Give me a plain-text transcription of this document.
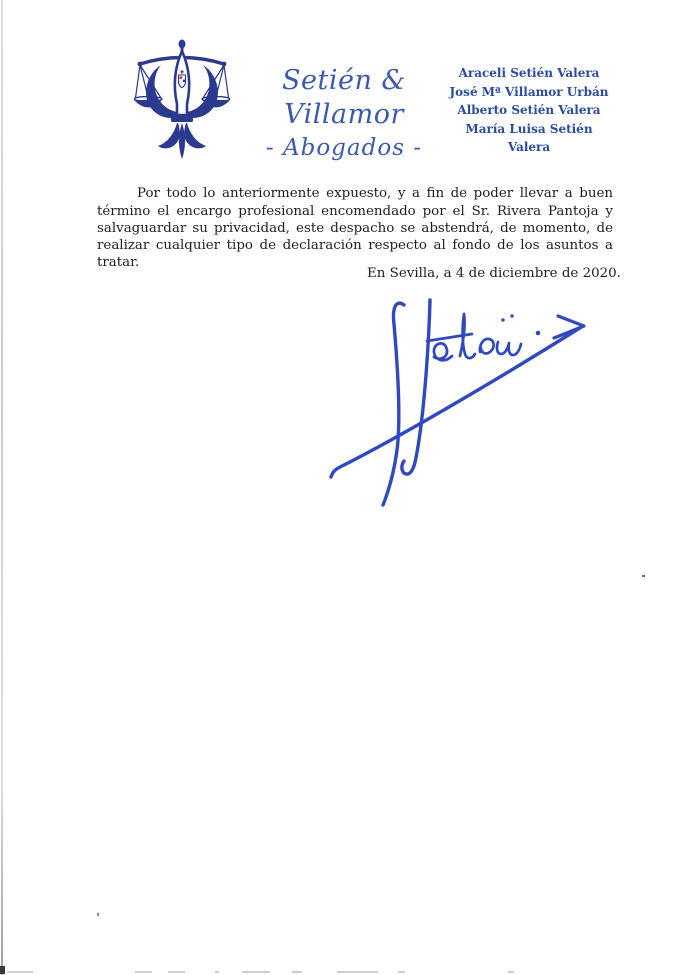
Setién & Villamor
- Abogados -
Araceli Setién Valera
José Mª Villamor Urbán
Alberto Setién Valera
María Luisa Setién Valera

Por todo lo anteriormente expuesto, y a fin de poder llevar a buen término el encargo profesional encomendado por el Sr. Rivera Pantoja y salvaguardar su privacidad, este despacho se abstendrá, de momento, de realizar cualquier tipo de declaración respecto al fondo de los asuntos a tratar.

En Sevilla, a 4 de diciembre de 2020.
